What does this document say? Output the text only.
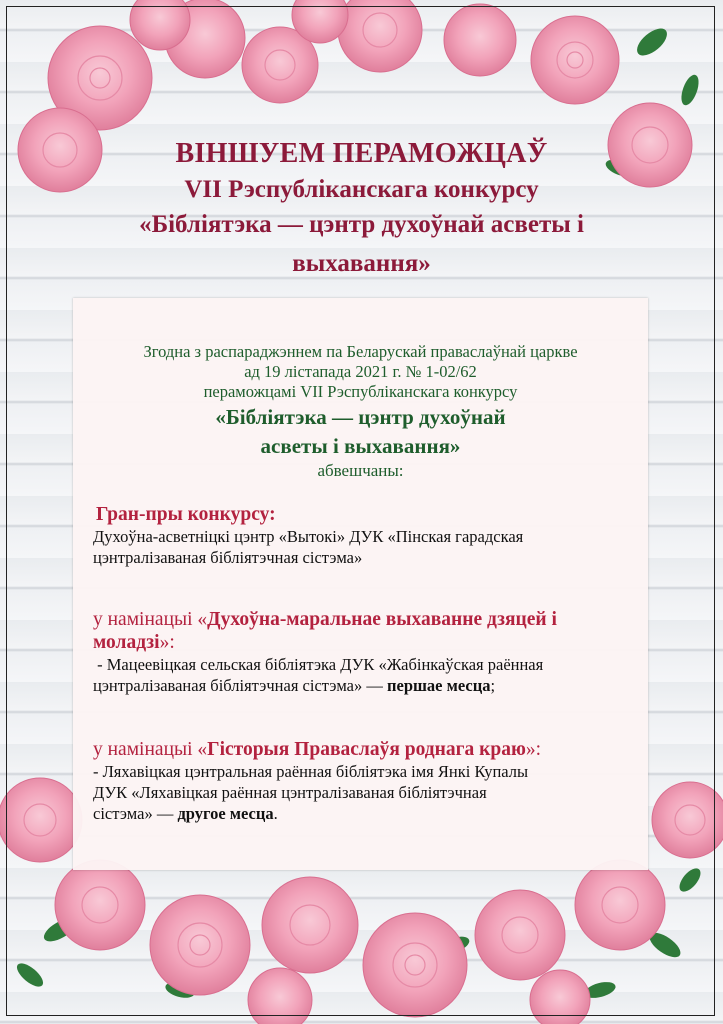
ВІНШУЕМ ПЕРАМОЖЦАЎ
VII Рэспубліканскага конкурсу
«Бібліятэка — цэнтр духоўнай асветы і
выхавання»
Згодна з распараджэннем па Беларускай праваслаўнай царкве
ад 19 лістапада 2021 г. № 1-02/62
пераможцамі VII Рэспубліканскага конкурсу
«Бібліятэка — цэнтр духоўнай
асветы і выхавання»
абвешчаны:
Гран-пры конкурсу:
Духоўна-асветніцкі цэнтр «Вытокі» ДУК «Пінская гарадская
цэнтралізаваная бібліятэчная сістэма»
у намінацыі «Духоўна-маральнае выхаванне дзяцей і
моладзі»:
- Мацеевіцкая сельская бібліятэка ДУК «Жабінкаўская раённая
цэнтралізаваная бібліятэчная сістэма» — першае месца;
у намінацыі «Гісторыя Праваслаўя роднага краю»:
- Ляхавіцкая цэнтральная раённая бібліятэка імя Янкі Купалы
ДУК «Ляхавіцкая раённая цэнтралізаваная бібліятэчная
сістэма» — другое месца.
